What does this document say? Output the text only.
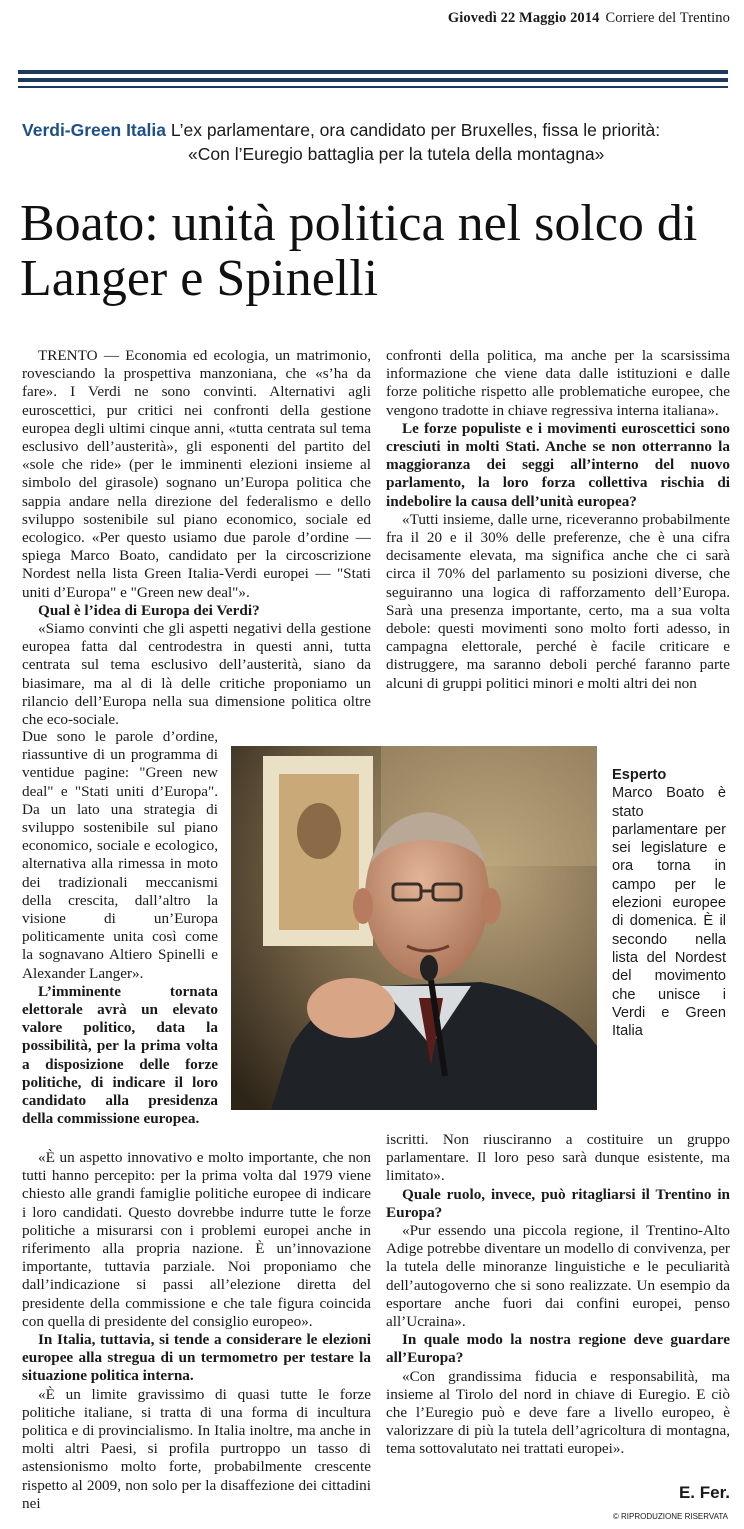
Giovedì 22 Maggio 2014 Corriere del Trentino
Verdi-Green Italia L’ex parlamentare, ora candidato per Bruxelles, fissa le priorità:
«Con l’Euregio battaglia per la tutela della montagna»
Boato: unità politica nel solco di Langer e Spinelli

TRENTO — Economia ed ecologia, un matrimonio, rovesciando la prospettiva manzoniana, che «s’ha da fare». I Verdi ne sono convinti. Alternativi agli euroscettici, pur critici nei confronti della gestione europea degli ultimi cinque anni, «tutta centrata sul tema esclusivo dell’austerità», gli esponenti del partito del «sole che ride» (per le imminenti elezioni insieme al simbolo del girasole) sognano un’Europa politica che sappia andare nella direzione del federalismo e dello sviluppo sostenibile sul piano economico, sociale ed ecologico. «Per questo usiamo due parole d’ordine — spiega Marco Boato, candidato per la circoscrizione Nordest nella lista Green Italia-Verdi europei — "Stati uniti d’Europa" e "Green new deal"».

Qual è l’idea di Europa dei Verdi?

«Siamo convinti che gli aspetti negativi della gestione europea fatta dal centrodestra in questi anni, tutta centrata sul tema esclusivo dell’austerità, siano da biasimare, ma al di là delle critiche proponiamo un rilancio dell’Europa nella sua dimensione politica oltre che eco-sociale.

Due sono le parole d’ordine, riassuntive di un programma di ventidue pagine: "Green new deal" e "Stati uniti d’Europa". Da un lato una strategia di sviluppo sostenibile sul piano economico, sociale e ecologico, alternativa alla rimessa in moto dei tradizionali meccanismi della crescita, dall’altro la visione di un’Europa politicamente unita così come la sognavano Altiero Spinelli e Alexander Langer».

L’imminente tornata elettorale avrà un elevato valore politico, data la possibilità, per la prima volta a disposizione delle forze politiche, di indicare il loro candidato alla presidenza della commissione europea.

«È un aspetto innovativo e molto importante, che non tutti hanno percepito: per la prima volta dal 1979 viene chiesto alle grandi famiglie politiche europee di indicare i loro candidati. Questo dovrebbe indurre tutte le forze politiche a misurarsi con i problemi europei anche in riferimento alla propria nazione. È un’innovazione importante, tuttavia parziale. Noi proponiamo che dall’indicazione si passi all’elezione diretta del presidente della commissione e che tale figura coincida con quella di presidente del consiglio europeo».

In Italia, tuttavia, si tende a considerare le elezioni europee alla stregua di un termometro per testare la situazione politica interna.

«È un limite gravissimo di quasi tutte le forze politiche italiane, si tratta di una forma di incultura politica e di provincialismo. In Italia inoltre, ma anche in molti altri Paesi, si profila purtroppo un tasso di astensionismo molto forte, probabilmente crescente rispetto al 2009, non solo per la disaffezione dei cittadini nei

confronti della politica, ma anche per la scarsissima informazione che viene data dalle istituzioni e dalle forze politiche rispetto alle problematiche europee, che vengono tradotte in chiave regressiva interna italiana».

Le forze populiste e i movimenti euroscettici sono cresciuti in molti Stati. Anche se non otterranno la maggioranza dei seggi all’interno del nuovo parlamento, la loro forza collettiva rischia di indebolire la causa dell’unità europea?

«Tutti insieme, dalle urne, riceveranno probabilmente fra il 20 e il 30% delle preferenze, che è una cifra decisamente elevata, ma significa anche che ci sarà circa il 70% del parlamento su posizioni diverse, che seguiranno una logica di rafforzamento dell’Europa. Sarà una presenza importante, certo, ma a sua volta debole: questi movimenti sono molto forti adesso, in campagna elettorale, perché è facile criticare e distruggere, ma saranno deboli perché faranno parte alcuni di gruppi politici minori e molti altri dei non

iscritti. Non riusciranno a costituire un gruppo parlamentare. Il loro peso sarà dunque esistente, ma limitato».

Quale ruolo, invece, può ritagliarsi il Trentino in Europa?

«Pur essendo una piccola regione, il Trentino-Alto Adige potrebbe diventare un modello di convivenza, per la tutela delle minoranze linguistiche e le peculiarità dell’autogoverno che si sono realizzate. Un esempio da esportare anche fuori dai confini europei, penso all’Ucraina».

In quale modo la nostra regione deve guardare all’Europa?

«Con grandissima fiducia e responsabilità, ma insieme al Tirolo del nord in chiave di Euregio. E ciò che l’Euregio può e deve fare a livello europeo, è valorizzare di più la tutela dell’agricoltura di montagna, tema sottovalutato nei trattati europei».

Esperto
Marco Boato è stato parlamentare per sei legislature e ora torna in campo per le elezioni europee di domenica. È il secondo nella lista del Nordest del movimento che unisce i Verdi e Green Italia
E. Fer.
© RIPRODUZIONE RISERVATA
